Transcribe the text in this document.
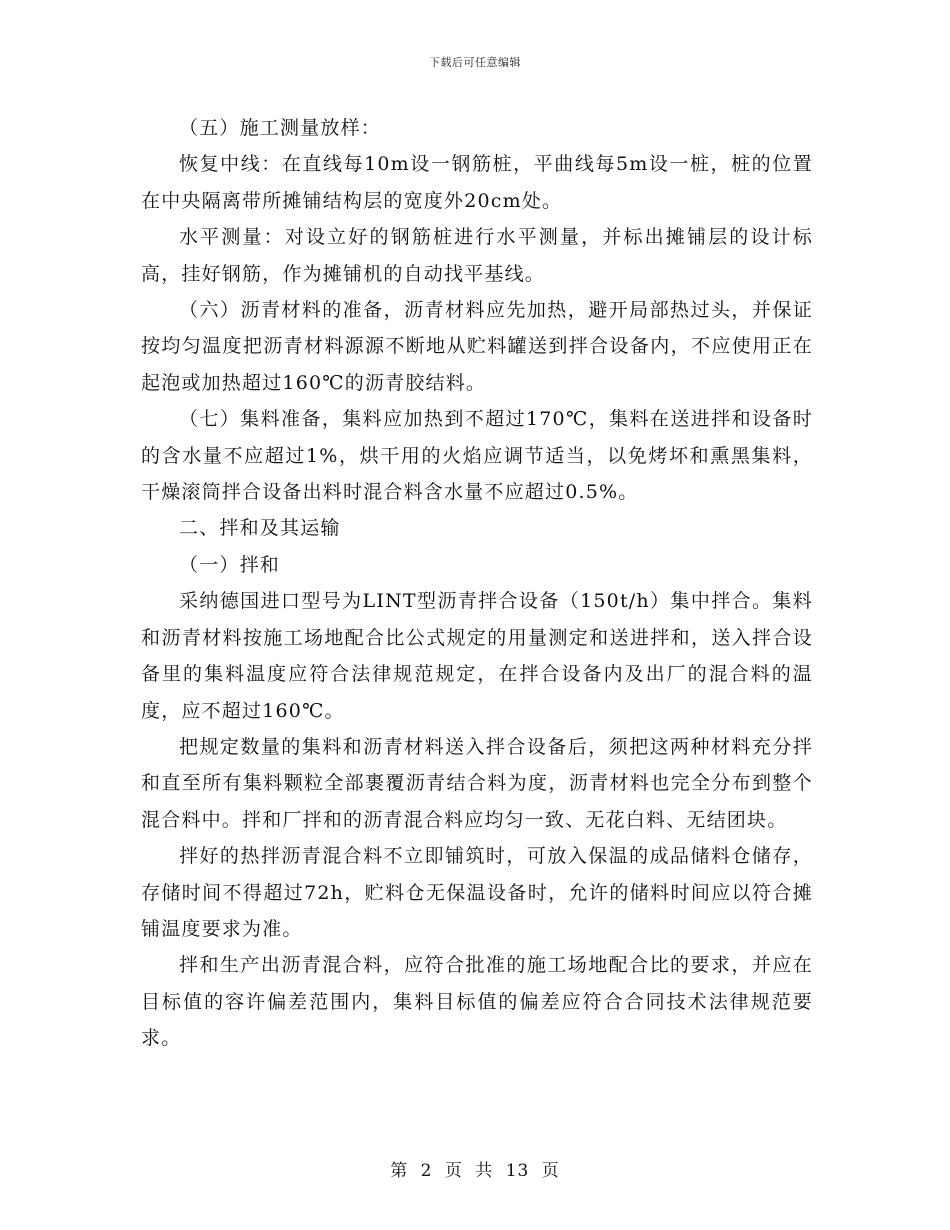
下载后可任意编辑

（五）施工测量放样：

恢复中线：在直线每10m设一钢筋桩，平曲线每5m设一桩，桩的位置在中央隔离带所摊铺结构层的宽度外20cm处。

水平测量：对设立好的钢筋桩进行水平测量，并标出摊铺层的设计标高，挂好钢筋，作为摊铺机的自动找平基线。

（六）沥青材料的准备，沥青材料应先加热，避开局部热过头，并保证按均匀温度把沥青材料源源不断地从贮料罐送到拌合设备内，不应使用正在起泡或加热超过160℃的沥青胶结料。

（七）集料准备，集料应加热到不超过170℃，集料在送进拌和设备时的含水量不应超过1%，烘干用的火焰应调节适当，以免烤坏和熏黑集料，干燥滚筒拌合设备出料时混合料含水量不应超过0.5%。

二、拌和及其运输

（一）拌和

采纳德国进口型号为LINT型沥青拌合设备（150t/h）集中拌合。集料和沥青材料按施工场地配合比公式规定的用量测定和送进拌和，送入拌合设备里的集料温度应符合法律规范规定，在拌合设备内及出厂的混合料的温度，应不超过160℃。

把规定数量的集料和沥青材料送入拌合设备后，须把这两种材料充分拌和直至所有集料颗粒全部裹覆沥青结合料为度，沥青材料也完全分布到整个混合料中。拌和厂拌和的沥青混合料应均匀一致、无花白料、无结团块。

拌好的热拌沥青混合料不立即铺筑时，可放入保温的成品储料仓储存，存储时间不得超过72h，贮料仓无保温设备时，允许的储料时间应以符合摊铺温度要求为准。

拌和生产出沥青混合料，应符合批准的施工场地配合比的要求，并应在目标值的容许偏差范围内，集料目标值的偏差应符合合同技术法律规范要求。

第 2 页 共 13 页
